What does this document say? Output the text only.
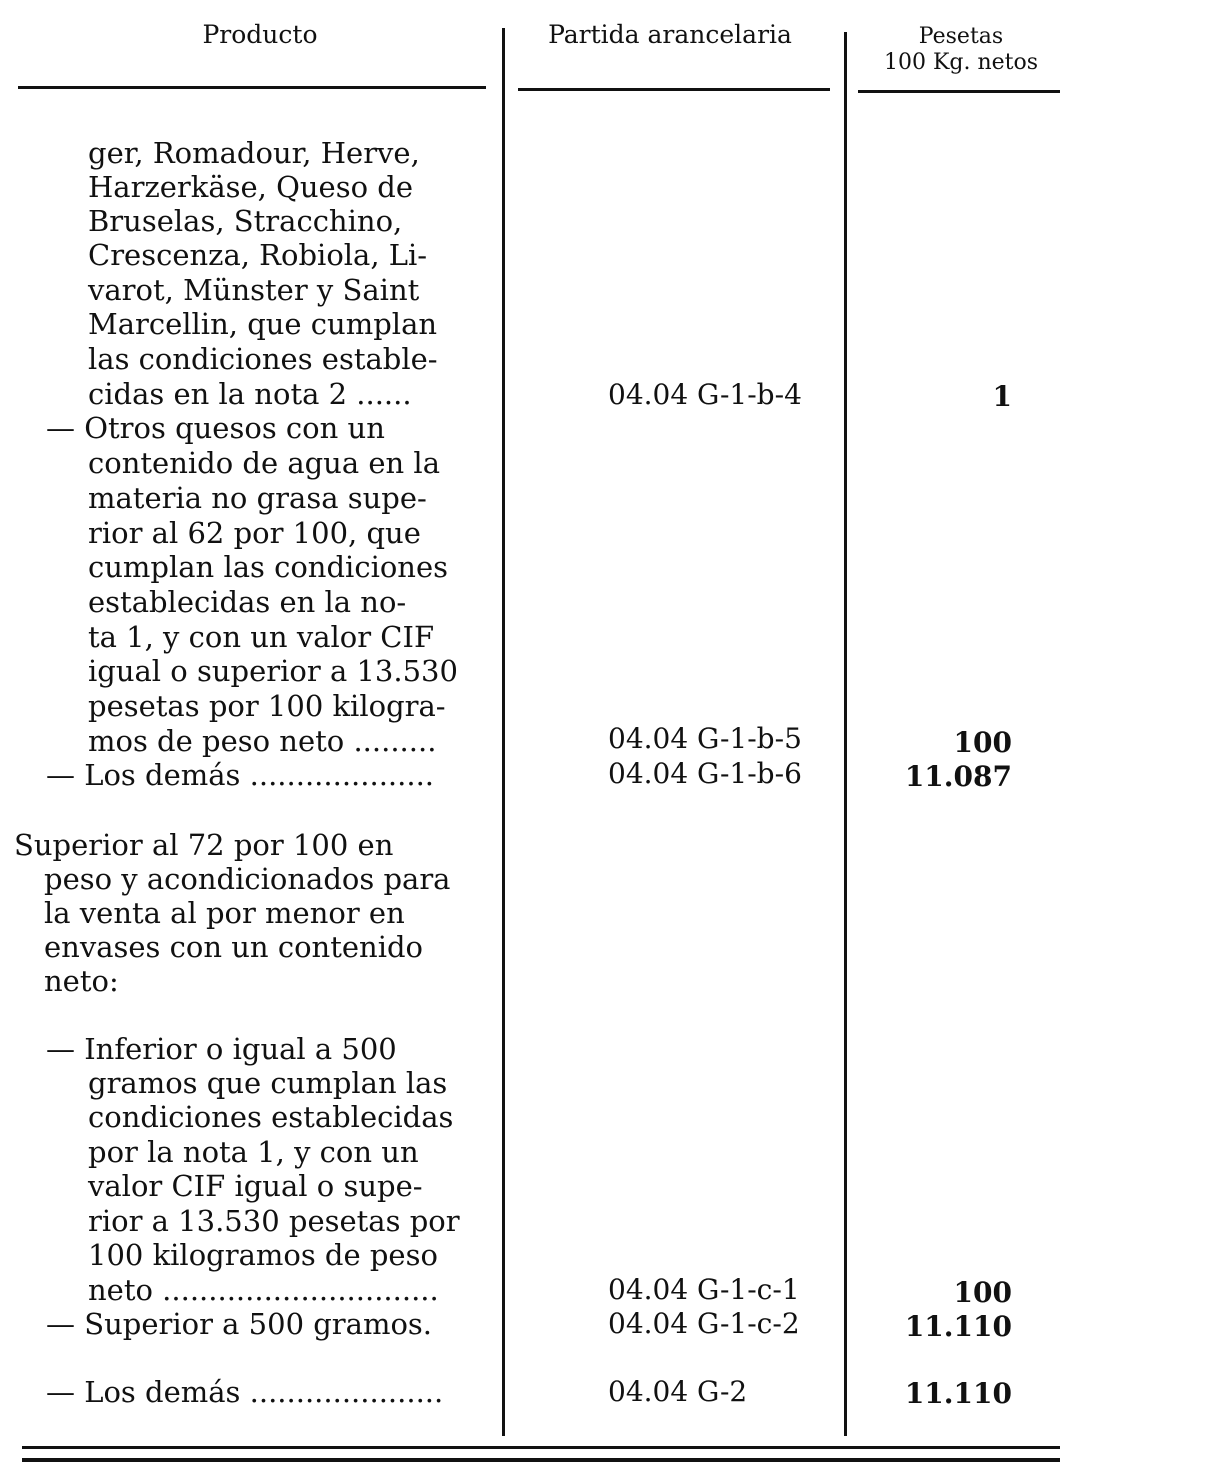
Producto	Partida arancelaria	Pesetas
100 Kg. netos
ger, Romadour, Herve,
Harzerkäse, Queso de
Bruselas, Stracchino,
Crescenza, Robiola, Li-
varot, Münster y Saint
Marcellin, que cumplan
las condiciones estable-
cidas en la nota 2 ......
— Otros quesos con un
contenido de agua en la
materia no grasa supe-
rior al 62 por 100, que
cumplan las condiciones
establecidas en la no-
ta 1, y con un valor CIF
igual o superior a 13.530
pesetas por 100 kilogra-
mos de peso neto .........
— Los demás ....................
Superior al 72 por 100 en
peso y acondicionados para
la venta al por menor en
envases con un contenido
neto:
— Inferior o igual a 500
gramos que cumplan las
condiciones establecidas
por la nota 1, y con un
valor CIF igual o supe-
rior a 13.530 pesetas por
100 kilogramos de peso
neto ..............................
— Superior a 500 gramos.
— Los demás .....................
04.04 G-1-b-4
04.04 G-1-b-5
04.04 G-1-b-6
04.04 G-1-c-1
04.04 G-1-c-2
04.04 G-2
1
100
11.087
100
11.110
11.110
